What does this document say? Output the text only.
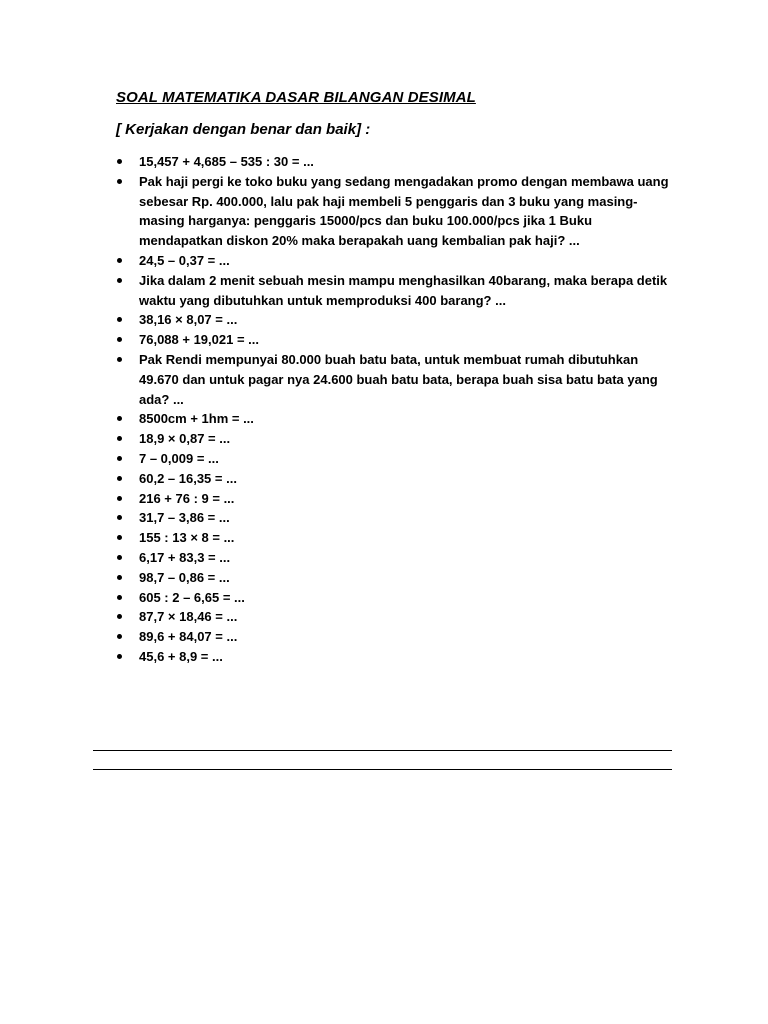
SOAL MATEMATIKA DASAR BILANGAN DESIMAL
[ Kerjakan dengan benar dan baik] :
15,457 + 4,685 – 535 : 30 = ...
Pak haji pergi ke toko buku yang sedang mengadakan promo dengan membawa uang sebesar Rp. 400.000, lalu pak haji membeli 5 penggaris dan 3 buku yang masing-masing harganya: penggaris 15000/pcs dan buku 100.000/pcs jika 1 Buku mendapatkan diskon 20% maka berapakah uang kembalian pak haji? ...
24,5 – 0,37 = ...
Jika dalam 2 menit sebuah mesin mampu menghasilkan 40barang, maka berapa detik waktu yang dibutuhkan untuk memproduksi 400 barang? ...
38,16 × 8,07 = ...
76,088 + 19,021 = ...
Pak Rendi mempunyai 80.000 buah batu bata, untuk membuat rumah dibutuhkan 49.670 dan untuk pagar nya 24.600 buah batu bata, berapa buah sisa batu bata yang ada? ...
8500cm + 1hm = ...
18,9 × 0,87 = ...
7 – 0,009 = ...
60,2 – 16,35 = ...
216 + 76 : 9 = ...
31,7 – 3,86 = ...
155 : 13 × 8 = ...
6,17 + 83,3 = ...
98,7 – 0,86 = ...
605 : 2 – 6,65 = ...
87,7 × 18,46 = ...
89,6 + 84,07 = ...
45,6 + 8,9 = ...
